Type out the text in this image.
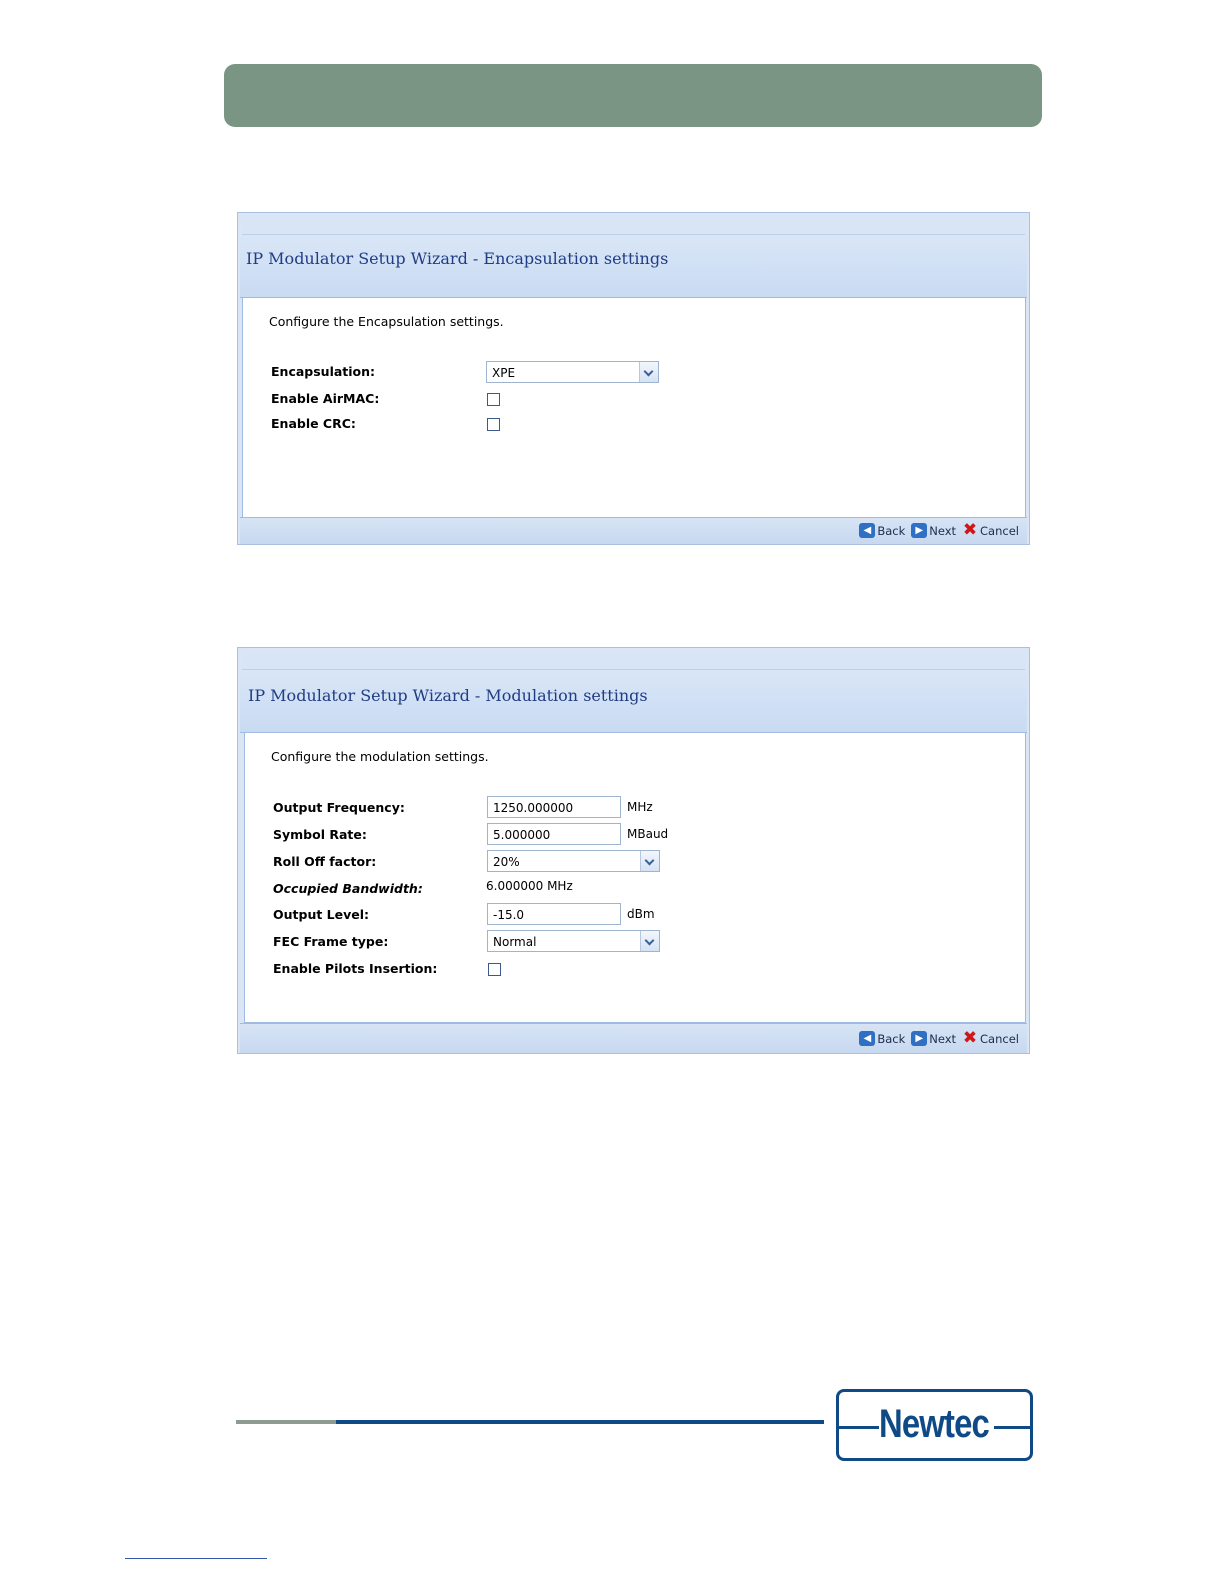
IP Modulator Setup Wizard - Encapsulation settings
Configure the Encapsulation settings.
Encapsulation:	XPE
Enable AirMAC:
Enable CRC:
◀ Back	▶ Next ✖ Cancel
IP Modulator Setup Wizard - Modulation settings
Configure the modulation settings.
Output Frequency:	1250.000000	MHz
Symbol Rate:	5.000000	MBaud
Roll Off factor:	20%
Occupied Bandwidth:	6.000000 MHz
Output Level:	-15.0	dBm
FEC Frame type:	Normal
Enable Pilots Insertion:
◀ Back	▶ Next ✖ Cancel
Newtec
